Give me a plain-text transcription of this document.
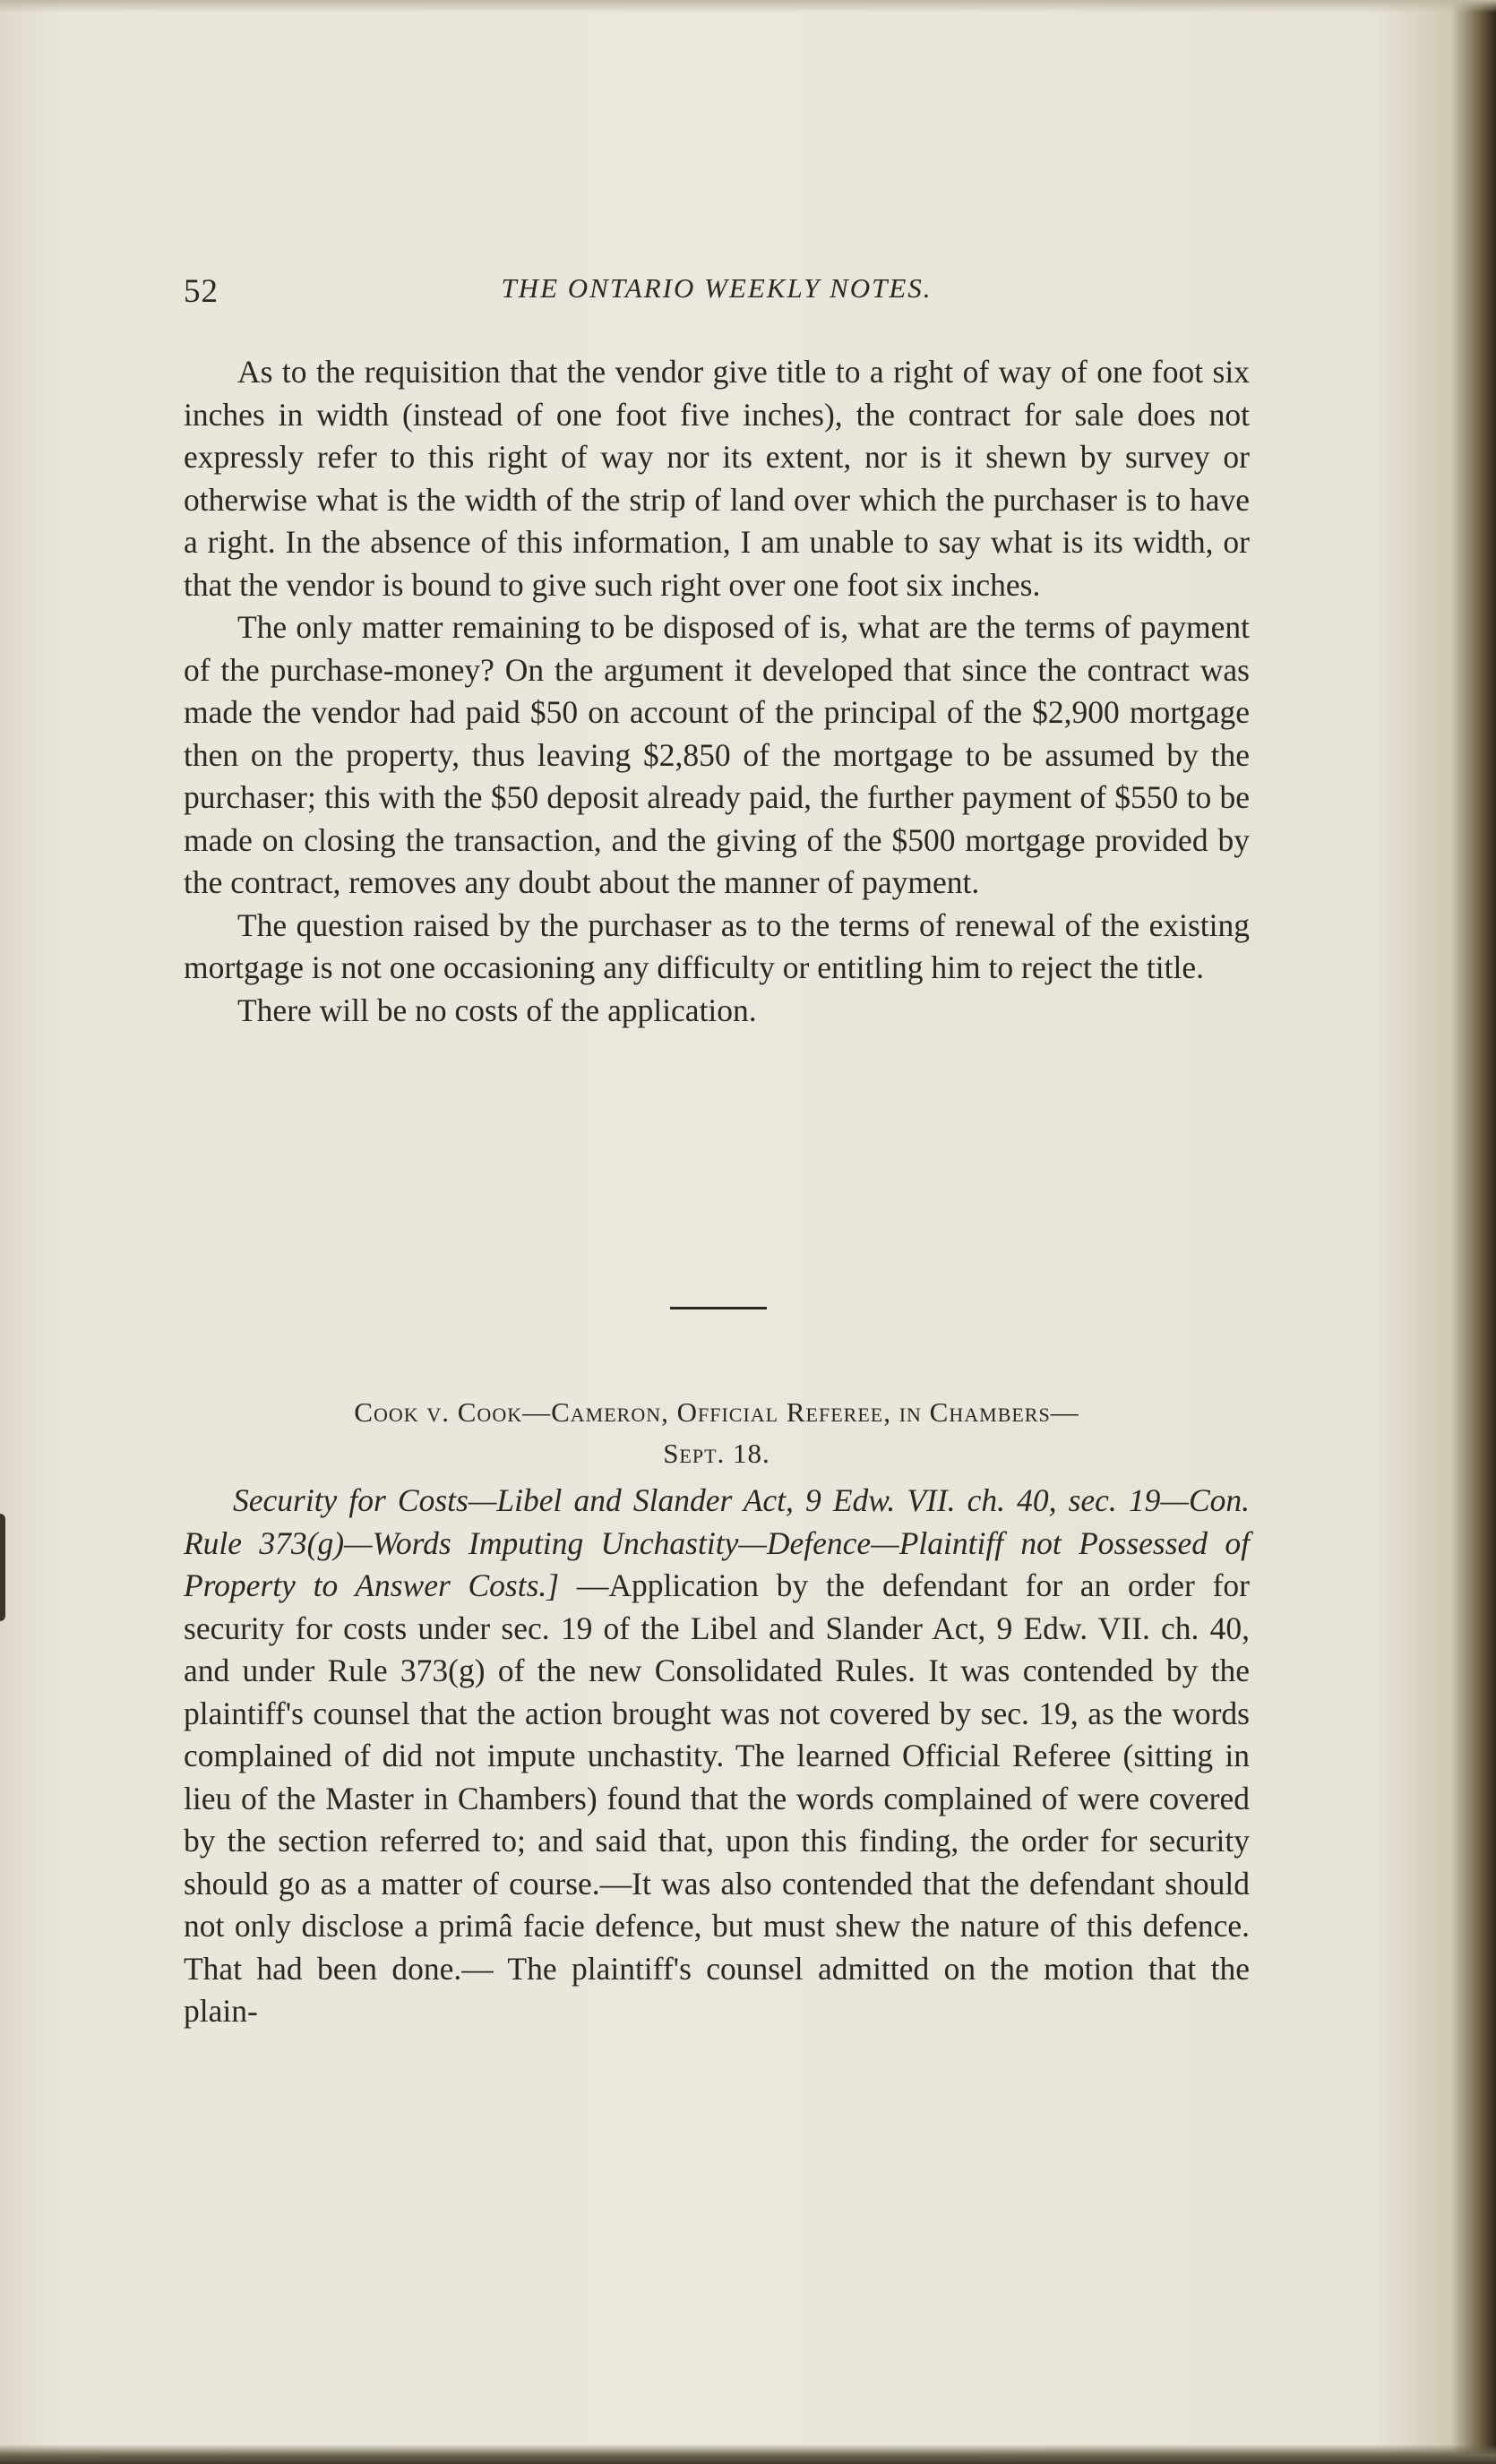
52	THE ONTARIO WEEKLY NOTES.

As to the requisition that the vendor give title to a right of way of one foot six inches in width (instead of one foot five inches), the contract for sale does not expressly refer to this right of way nor its extent, nor is it shewn by survey or otherwise what is the width of the strip of land over which the purchaser is to have a right. In the absence of this information, I am unable to say what is its width, or that the vendor is bound to give such right over one foot six inches.

The only matter remaining to be disposed of is, what are the terms of payment of the purchase-money? On the argument it developed that since the contract was made the vendor had paid $50 on account of the principal of the $2,900 mortgage then on the property, thus leaving $2,850 of the mortgage to be assumed by the purchaser; this with the $50 deposit already paid, the further payment of $550 to be made on closing the transaction, and the giving of the $500 mortgage provided by the contract, removes any doubt about the manner of payment.

The question raised by the purchaser as to the terms of renewal of the existing mortgage is not one occasioning any difficulty or entitling him to reject the title.

There will be no costs of the application.

Cook v. Cook—Cameron, Official Referee, in Chambers—
Sept. 18.

Security for Costs—Libel and Slander Act, 9 Edw. VII. ch. 40, sec. 19—Con. Rule 373(g)—Words Imputing Unchastity—Defence—Plaintiff not Possessed of Property to Answer Costs.] —Application by the defendant for an order for security for costs under sec. 19 of the Libel and Slander Act, 9 Edw. VII. ch. 40, and under Rule 373(g) of the new Consolidated Rules. It was contended by the plaintiff's counsel that the action brought was not covered by sec. 19, as the words complained of did not impute unchastity. The learned Official Referee (sitting in lieu of the Master in Chambers) found that the words complained of were covered by the section referred to; and said that, upon this finding, the order for security should go as a matter of course.—It was also contended that the defendant should not only disclose a primâ facie defence, but must shew the nature of this defence. That had been done.— The plaintiff's counsel admitted on the motion that the plain-
